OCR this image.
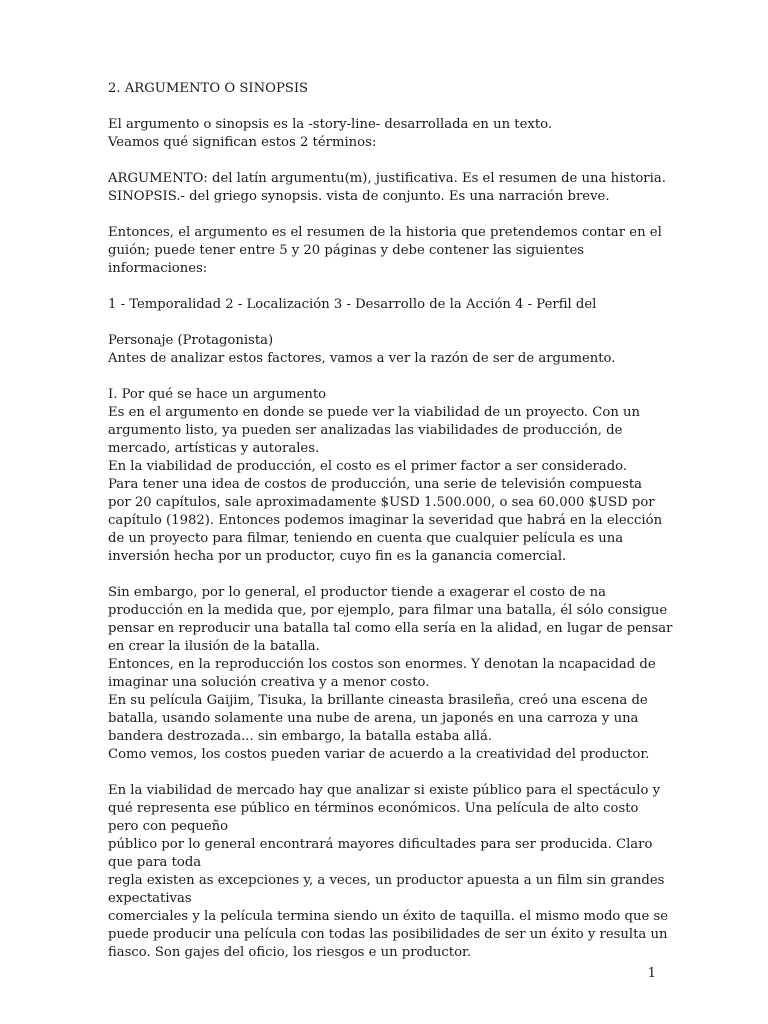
2. ARGUMENTO O SINOPSIS
El argumento o sinopsis es la -story-line- desarrollada en un texto.
Veamos qué significan estos 2 términos:
ARGUMENTO: del latín argumentu(m), justificativa. Es el resumen de una historia.
SINOPSIS.- del griego synopsis. vista de conjunto. Es una narración breve.
Entonces, el argumento es el resumen de la historia que pretendemos contar en el
guión; puede tener entre 5 y 20 páginas y debe contener las siguientes
informaciones:
1 - Temporalidad 2 - Localización 3 - Desarrollo de la Acción 4 - Perfil del
Personaje (Protagonista)
Antes de analizar estos factores, vamos a ver la razón de ser de argumento.
I. Por qué se hace un argumento
Es en el argumento en donde se puede ver la viabilidad de un proyecto. Con un
argumento listo, ya pueden ser analizadas las viabilidades de producción, de
mercado, artísticas y autorales.
En la viabilidad de producción, el costo es el primer factor a ser considerado.
Para tener una idea de costos de producción, una serie de televisión compuesta
por 20 capítulos, sale aproximadamente $USD 1.500.000, o sea 60.000 $USD por
capítulo (1982). Entonces podemos imaginar la severidad que habrá en la elección
de un proyecto para filmar, teniendo en cuenta que cualquier película es una
inversión hecha por un productor, cuyo fin es la ganancia comercial.
Sin embargo, por lo general, el productor tiende a exagerar el costo de na
producción en la medida que, por ejemplo, para filmar una batalla, él sólo consigue
pensar en reproducir una batalla tal como ella sería en la alidad, en lugar de pensar
en crear la ilusión de la batalla.
Entonces, en la reproducción los costos son enormes. Y denotan la ncapacidad de
imaginar una solución creativa y a menor costo.
En su película Gaijim, Tisuka, la brillante cineasta brasileña, creó una escena de
batalla, usando solamente una nube de arena, un japonés en una carroza y una
bandera destrozada... sin embargo, la batalla estaba allá.
Como vemos, los costos pueden variar de acuerdo a la creatividad del productor.
En la viabilidad de mercado hay que analizar si existe público para el spectáculo y
qué representa ese público en términos económicos. Una película de alto costo
pero con pequeño
público por lo general encontrará mayores dificultades para ser producida. Claro
que para toda
regla existen as excepciones y, a veces, un productor apuesta a un film sin grandes
expectativas
comerciales y la película termina siendo un éxito de taquilla. el mismo modo que se
puede producir una película con todas las posibilidades de ser un éxito y resulta un
fiasco. Son gajes del oficio, los riesgos e un productor.
1
